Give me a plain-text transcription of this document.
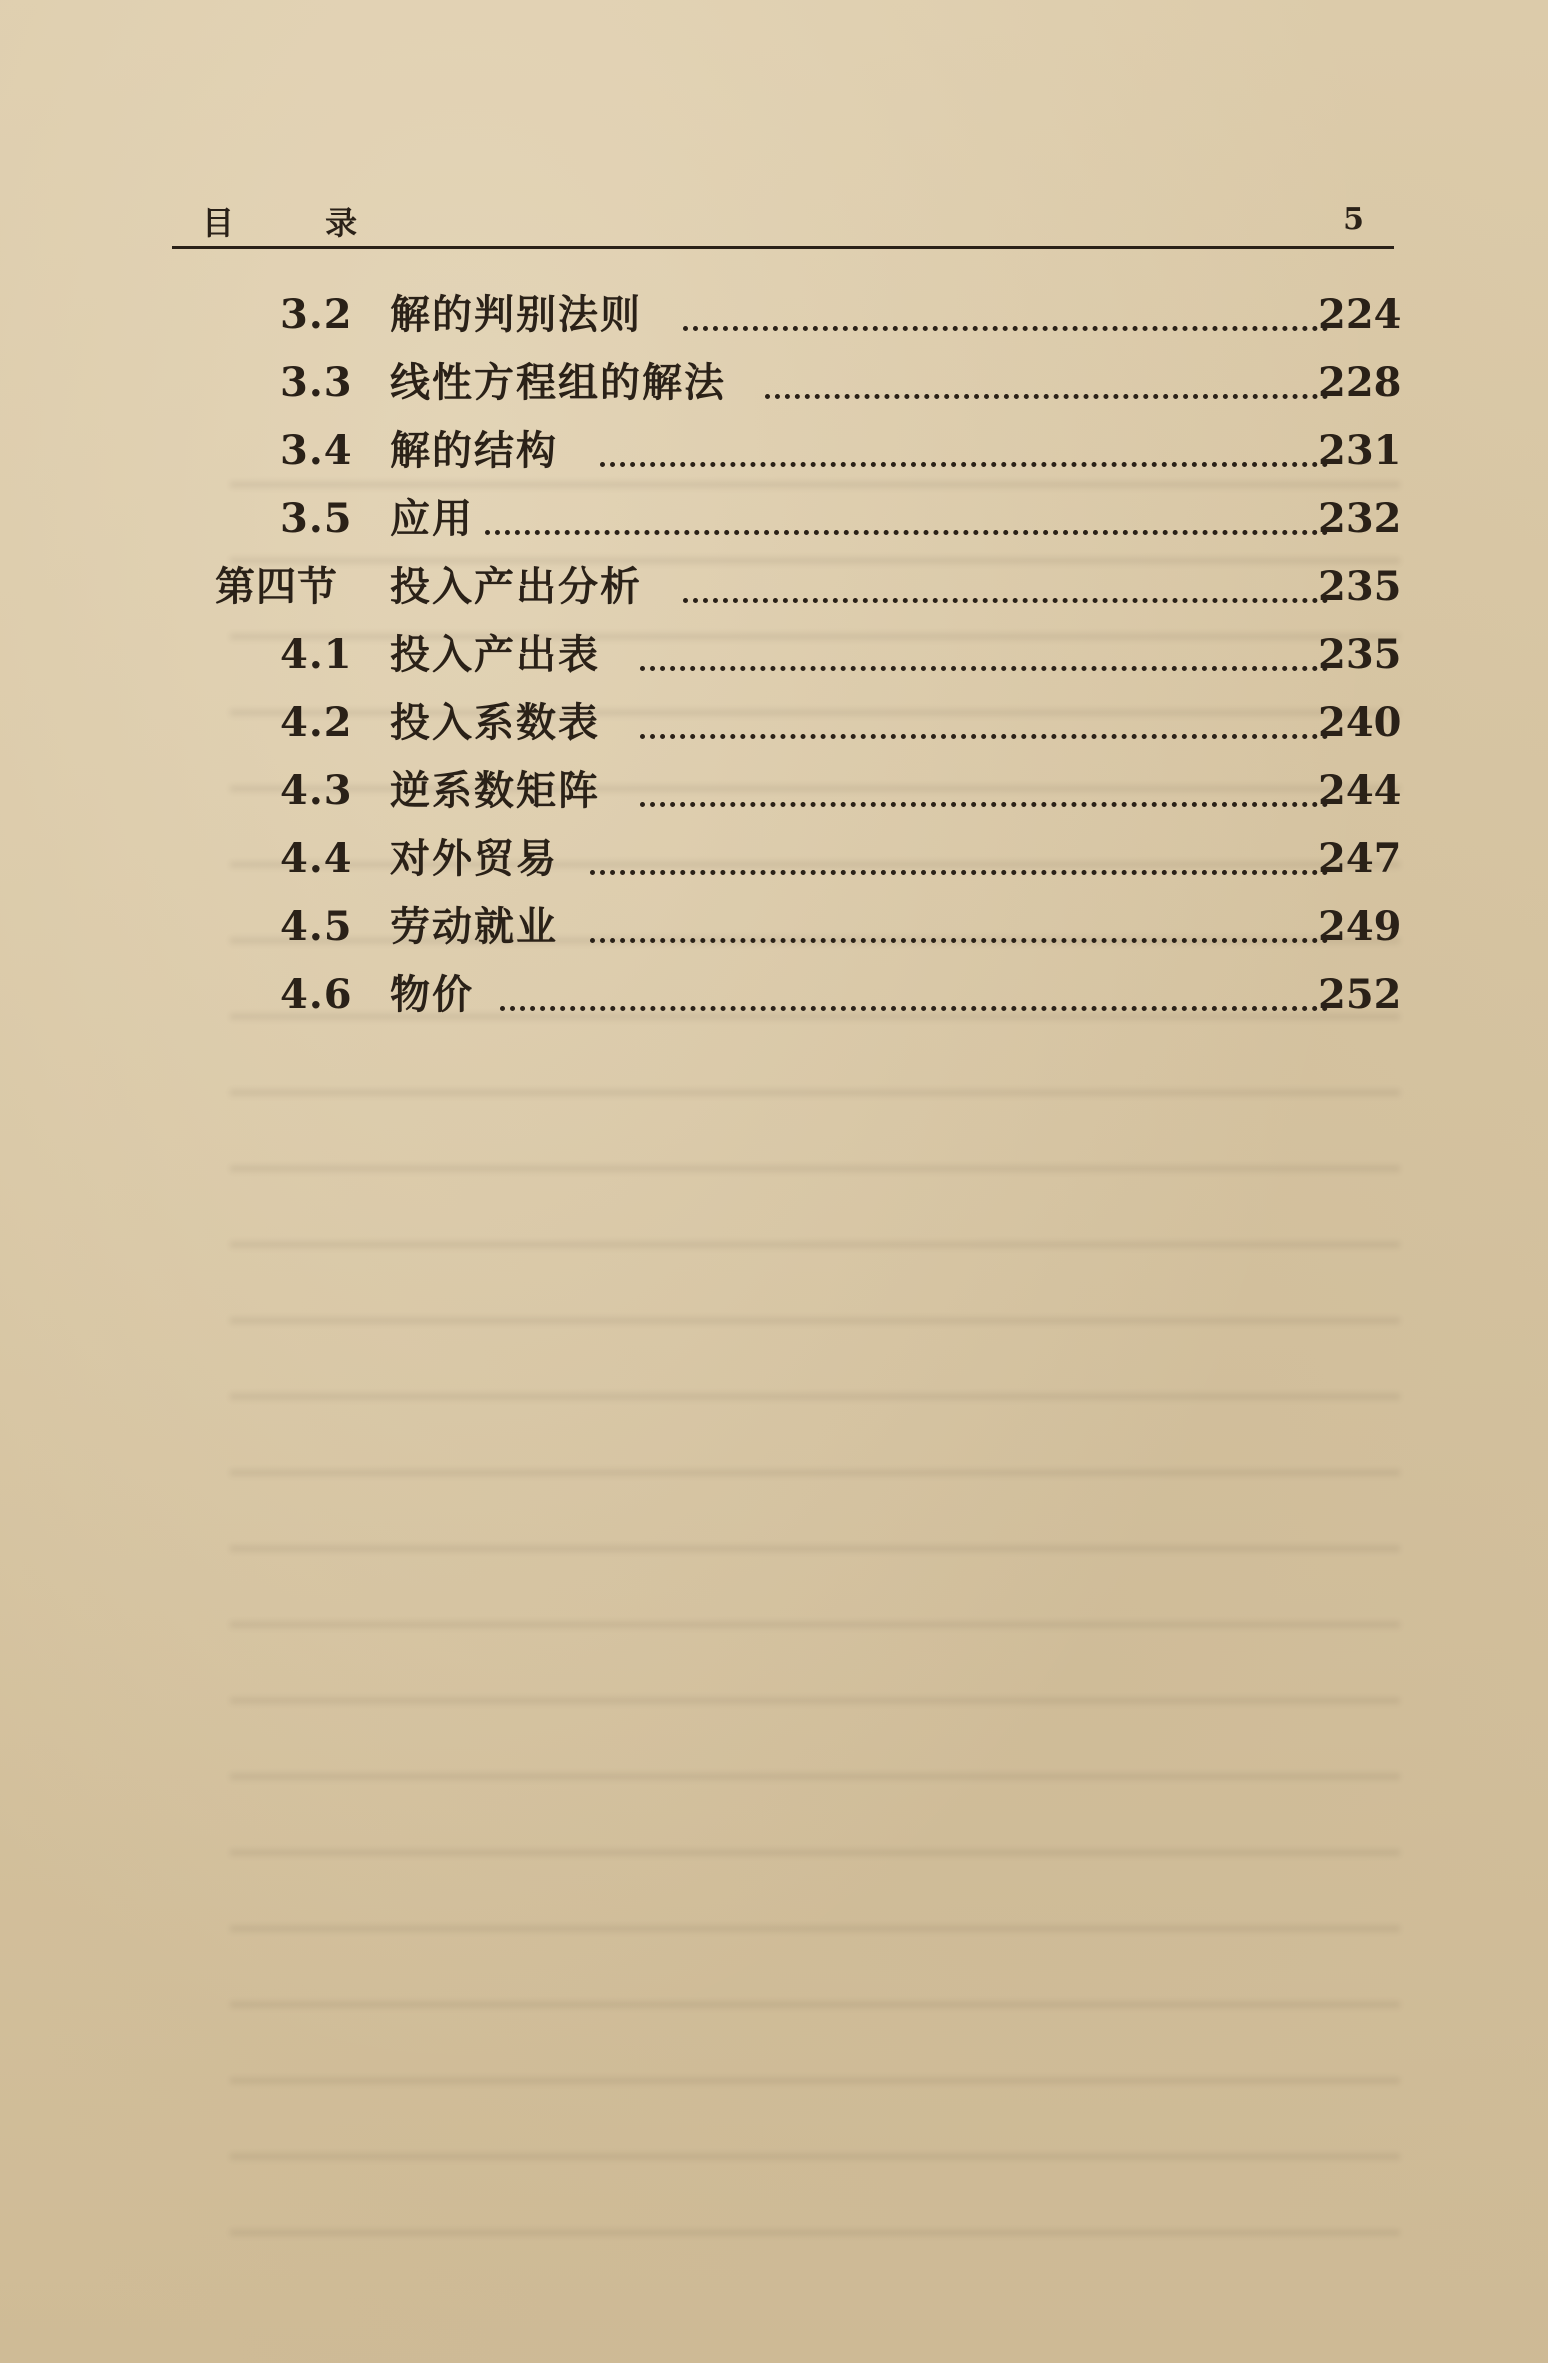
目 录	5
3.2 解的判别法则	224
3.3 线性方程组的解法	228
3.4 解的结构	231
3.5 应用	232
第四节	投入产出分析	235
4.1 投入产出表	235
4.2 投入系数表	240
4.3 逆系数矩阵	244
4.4 对外贸易	247
4.5 劳动就业	249
4.6 物价	252
